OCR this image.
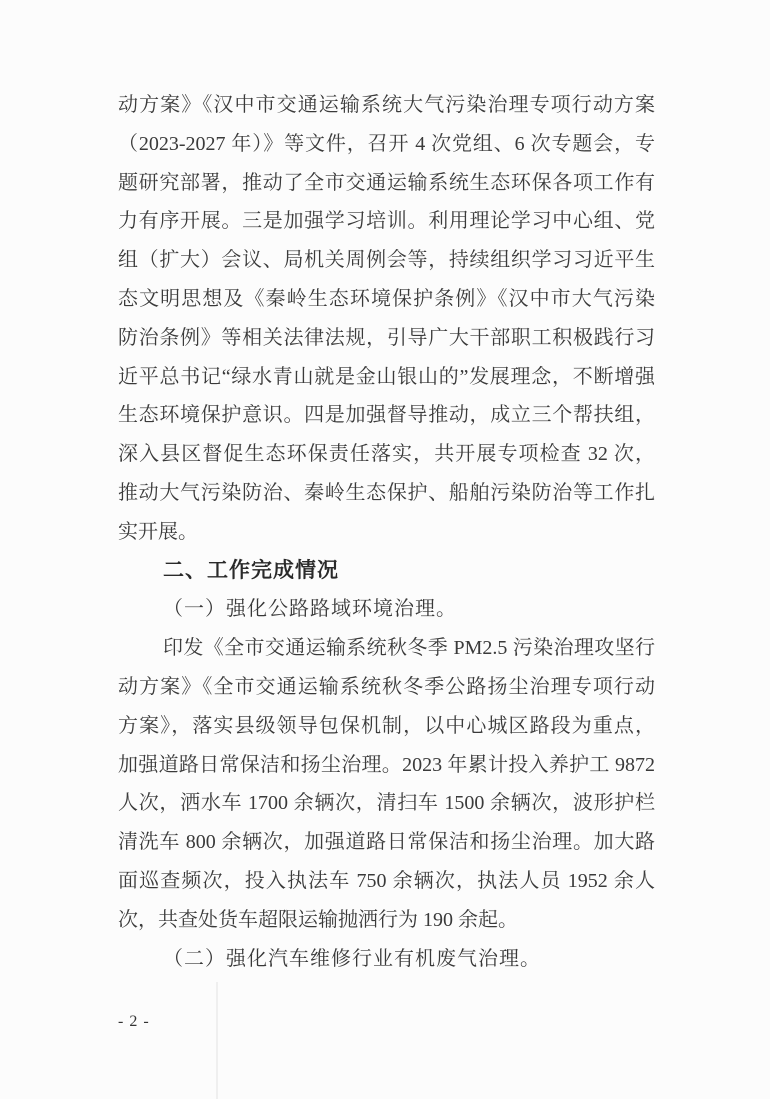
动方案》《汉中市交通运输系统大气污染治理专项行动方案
（2023-2027 年）》等文件，召开 4 次党组、6 次专题会，专
题研究部署，推动了全市交通运输系统生态环保各项工作有
力有序开展。三是加强学习培训。利用理论学习中心组、党
组（扩大）会议、局机关周例会等，持续组织学习习近平生
态文明思想及《秦岭生态环境保护条例》《汉中市大气污染
防治条例》等相关法律法规，引导广大干部职工积极践行习
近平总书记“绿水青山就是金山银山的”发展理念，不断增强
生态环境保护意识。四是加强督导推动，成立三个帮扶组，
深入县区督促生态环保责任落实，共开展专项检查 32 次，
推动大气污染防治、秦岭生态保护、船舶污染防治等工作扎
实开展。
二、工作完成情况
（一）强化公路路域环境治理。
印发《全市交通运输系统秋冬季 PM2.5 污染治理攻坚行
动方案》《全市交通运输系统秋冬季公路扬尘治理专项行动
方案》，落实县级领导包保机制，以中心城区路段为重点，
加强道路日常保洁和扬尘治理。2023 年累计投入养护工 9872
人次，洒水车 1700 余辆次，清扫车 1500 余辆次，波形护栏
清洗车 800 余辆次，加强道路日常保洁和扬尘治理。加大路
面巡查频次，投入执法车 750 余辆次，执法人员 1952 余人
次，共查处货车超限运输抛洒行为 190 余起。
（二）强化汽车维修行业有机废气治理。
- 2 -
